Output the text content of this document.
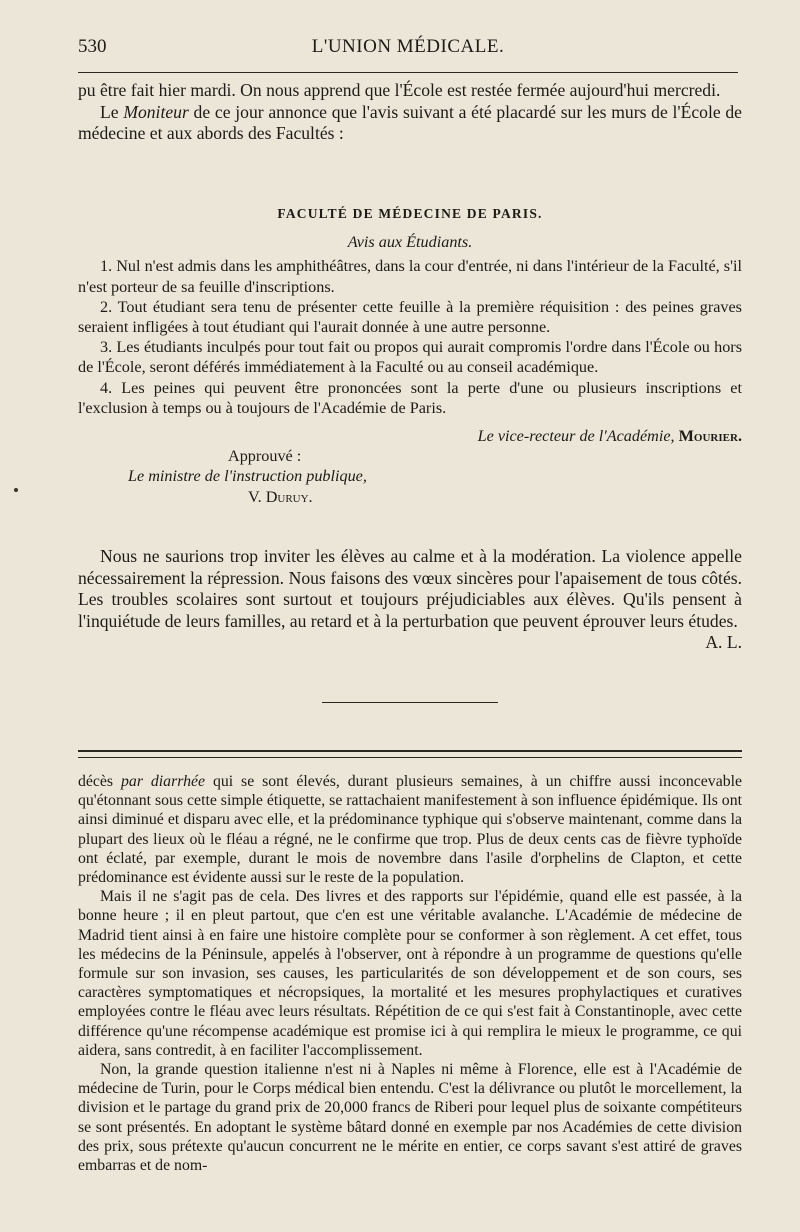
530	L'UNION MÉDICALE.

pu être fait hier mardi. On nous apprend que l'École est restée fermée aujourd'hui mercredi.

Le Moniteur de ce jour annonce que l'avis suivant a été placardé sur les murs de l'École de médecine et aux abords des Facultés :

FACULTÉ DE MÉDECINE DE PARIS.

Avis aux Étudiants.

1. Nul n'est admis dans les amphithéâtres, dans la cour d'entrée, ni dans l'intérieur de la Faculté, s'il n'est porteur de sa feuille d'inscriptions.

2. Tout étudiant sera tenu de présenter cette feuille à la première réquisition : des peines graves seraient infligées à tout étudiant qui l'aurait donnée à une autre personne.

3. Les étudiants inculpés pour tout fait ou propos qui aurait compromis l'ordre dans l'École ou hors de l'École, seront déférés immédiatement à la Faculté ou au conseil académique.

4. Les peines qui peuvent être prononcées sont la perte d'une ou plusieurs inscriptions et l'exclusion à temps ou à toujours de l'Académie de Paris.

Le vice-recteur de l'Académie, Mourier.

Approuvé :

Le ministre de l'instruction publique,

V. Duruy.

Nous ne saurions trop inviter les élèves au calme et à la modération. La violence appelle nécessairement la répression. Nous faisons des vœux sincères pour l'apaisement de tous côtés. Les troubles scolaires sont surtout et toujours préjudiciables aux élèves. Qu'ils pensent à l'inquiétude de leurs familles, au retard et à la perturbation que peuvent éprouver leurs études.
A. L.

décès par diarrhée qui se sont élevés, durant plusieurs semaines, à un chiffre aussi inconcevable qu'étonnant sous cette simple étiquette, se rattachaient manifestement à son influence épidémique. Ils ont ainsi diminué et disparu avec elle, et la prédominance typhique qui s'observe maintenant, comme dans la plupart des lieux où le fléau a régné, ne le confirme que trop. Plus de deux cents cas de fièvre typhoïde ont éclaté, par exemple, durant le mois de novembre dans l'asile d'orphelins de Clapton, et cette prédominance est évidente aussi sur le reste de la population.

Mais il ne s'agit pas de cela. Des livres et des rapports sur l'épidémie, quand elle est passée, à la bonne heure ; il en pleut partout, que c'en est une véritable avalanche. L'Académie de médecine de Madrid tient ainsi à en faire une histoire complète pour se conformer à son règlement. A cet effet, tous les médecins de la Péninsule, appelés à l'observer, ont à répondre à un programme de questions qu'elle formule sur son invasion, ses causes, les particularités de son développement et de son cours, ses caractères symptomatiques et nécropsiques, la mortalité et les mesures prophylactiques et curatives employées contre le fléau avec leurs résultats. Répétition de ce qui s'est fait à Constantinople, avec cette différence qu'une récompense académique est promise ici à qui remplira le mieux le programme, ce qui aidera, sans contredit, à en faciliter l'accomplissement.

Non, la grande question italienne n'est ni à Naples ni même à Florence, elle est à l'Académie de médecine de Turin, pour le Corps médical bien entendu. C'est la délivrance ou plutôt le morcellement, la division et le partage du grand prix de 20,000 francs de Riberi pour lequel plus de soixante compétiteurs se sont présentés. En adoptant le système bâtard donné en exemple par nos Académies de cette division des prix, sous prétexte qu'aucun concurrent ne le mérite en entier, ce corps savant s'est attiré de graves embarras et de nom-
